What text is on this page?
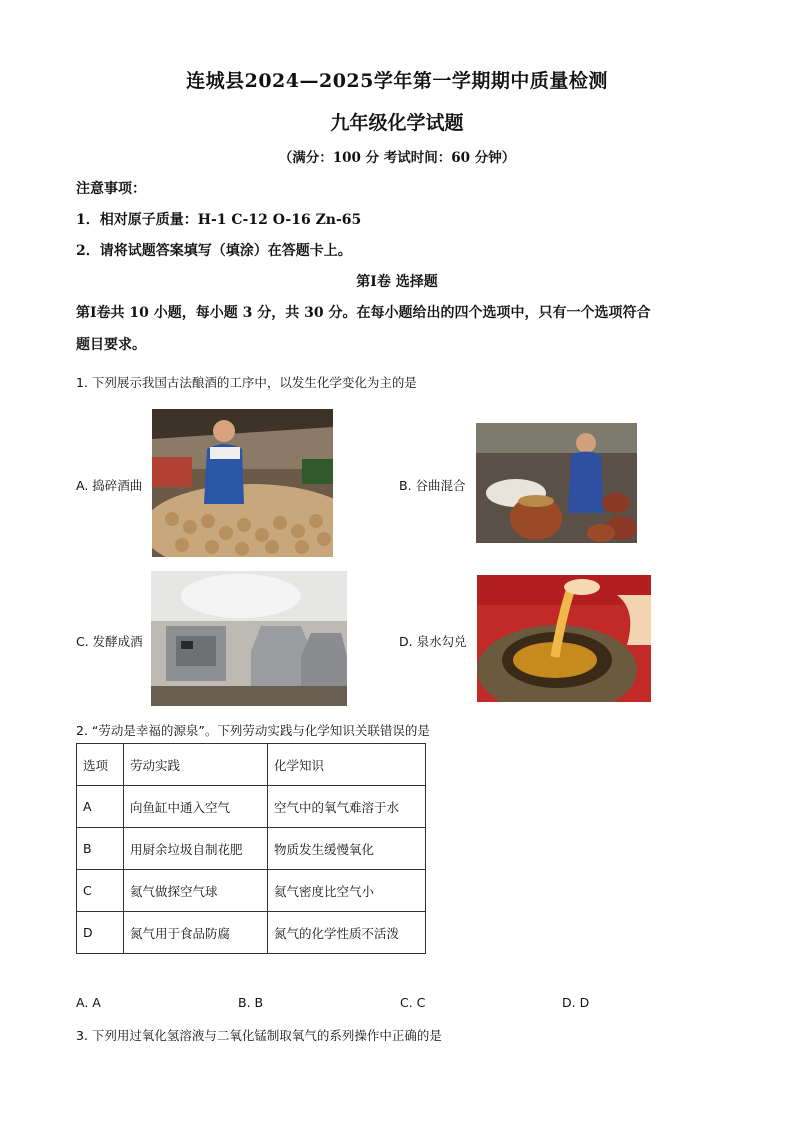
连城县2024—2025学年第一学期期中质量检测
九年级化学试题
（满分：100 分 考试时间：60 分钟）
注意事项：
1．相对原子质量：H-1 C-12 O-16 Zn-65
2．请将试题答案填写（填涂）在答题卡上。
第Ⅰ卷 选择题
第Ⅰ卷共 10 小题，每小题 3 分，共 30 分。在每小题给出的四个选项中，只有一个选项符合
题目要求。
1. 下列展示我国古法酿酒的工序中，以发生化学变化为主的是
A. 捣碎酒曲	B. 谷曲混合
C. 发酵成酒	D. 泉水勾兑
2. “劳动是幸福的源泉”。下列劳动实践与化学知识关联错误的是
选项	劳动实践	化学知识
A	向鱼缸中通入空气	空气中的氧气难溶于水
B	用厨余垃圾自制花肥	物质发生缓慢氧化
C	氦气做探空气球	氦气密度比空气小
D	氮气用于食品防腐	氮气的化学性质不活泼
A. A	B. B	C. C	D. D
3. 下列用过氧化氢溶液与二氧化锰制取氧气的系列操作中正确的是
